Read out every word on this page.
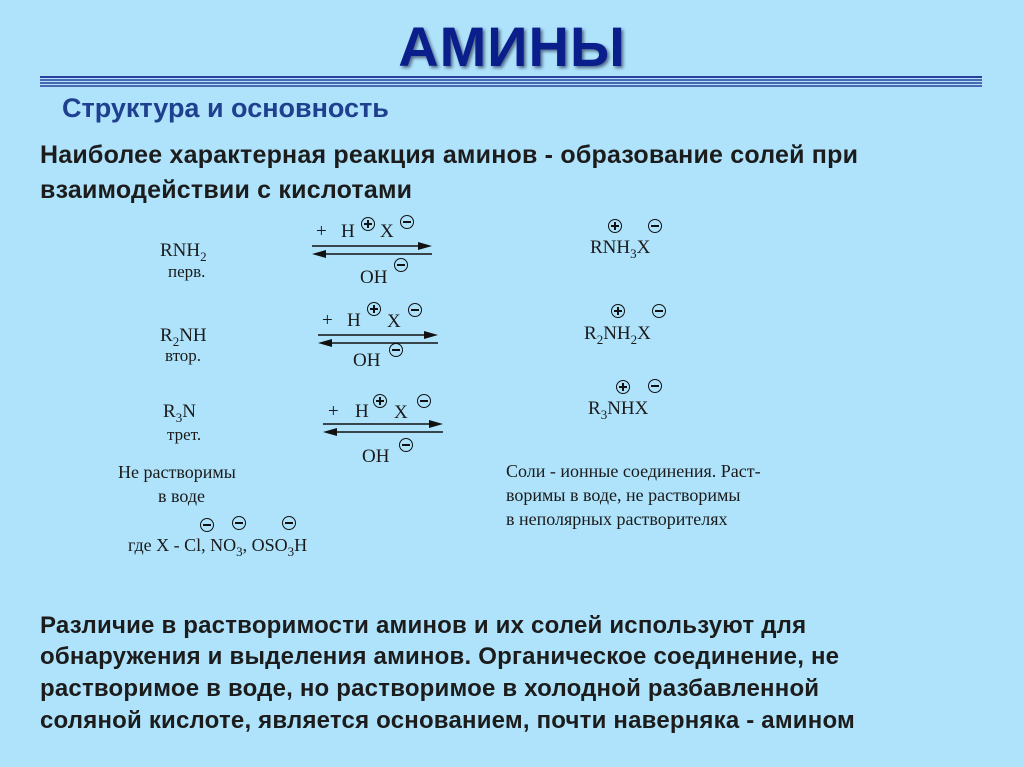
АМИНЫ
Структура и основность
Наиболее характерная реакция аминов - образование солей при
взаимодействии с кислотами
$RNH_2$
перв.
+ H X
OH
$RNH_3X$
$R_2NH$
втор.
+ H X
OH
$R_2NH_2X$
$R_3N$
трет.
+ H X
OH
$R_3NHX$
Не растворимы
в воде
где X - Cl, $NO_3$, $OSO_3H$
Соли - ионные соединения. Раст-
воримы в воде, не растворимы
в неполярных растворителях
Различие в растворимости аминов и их солей используют для
обнаружения и выделения аминов. Органическое соединение, не
растворимое в воде, но растворимое в холодной разбавленной
соляной кислоте, является основанием, почти наверняка - амином
